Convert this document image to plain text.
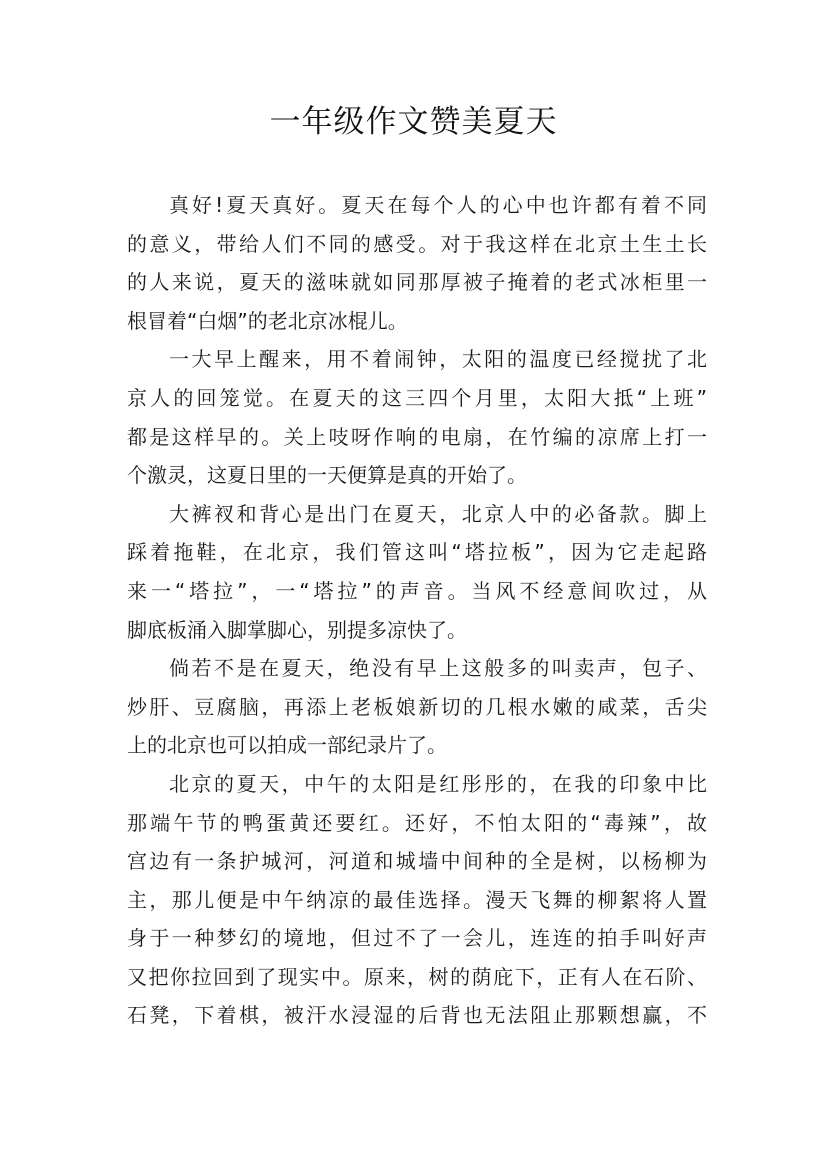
一年级作文赞美夏天
真好!夏天真好。夏天在每个人的心中也许都有着不同
的意义，带给人们不同的感受。对于我这样在北京土生土长
的人来说，夏天的滋味就如同那厚被子掩着的老式冰柜里一
根冒着“白烟”的老北京冰棍儿。
一大早上醒来，用不着闹钟，太阳的温度已经搅扰了北
京人的回笼觉。在夏天的这三四个月里，太阳大抵“上班”
都是这样早的。关上吱呀作响的电扇，在竹编的凉席上打一
个激灵，这夏日里的一天便算是真的开始了。
大裤衩和背心是出门在夏天，北京人中的必备款。脚上
踩着拖鞋，在北京，我们管这叫“塔拉板”，因为它走起路
来一“塔拉”，一“塔拉”的声音。当风不经意间吹过，从
脚底板涌入脚掌脚心，别提多凉快了。
倘若不是在夏天，绝没有早上这般多的叫卖声，包子、
炒肝、豆腐脑，再添上老板娘新切的几根水嫩的咸菜，舌尖
上的北京也可以拍成一部纪录片了。
北京的夏天，中午的太阳是红彤彤的，在我的印象中比
那端午节的鸭蛋黄还要红。还好，不怕太阳的“毒辣”，故
宫边有一条护城河，河道和城墙中间种的全是树，以杨柳为
主，那儿便是中午纳凉的最佳选择。漫天飞舞的柳絮将人置
身于一种梦幻的境地，但过不了一会儿，连连的拍手叫好声
又把你拉回到了现实中。原来，树的荫庇下，正有人在石阶、
石凳，下着棋，被汗水浸湿的后背也无法阻止那颗想赢，不
